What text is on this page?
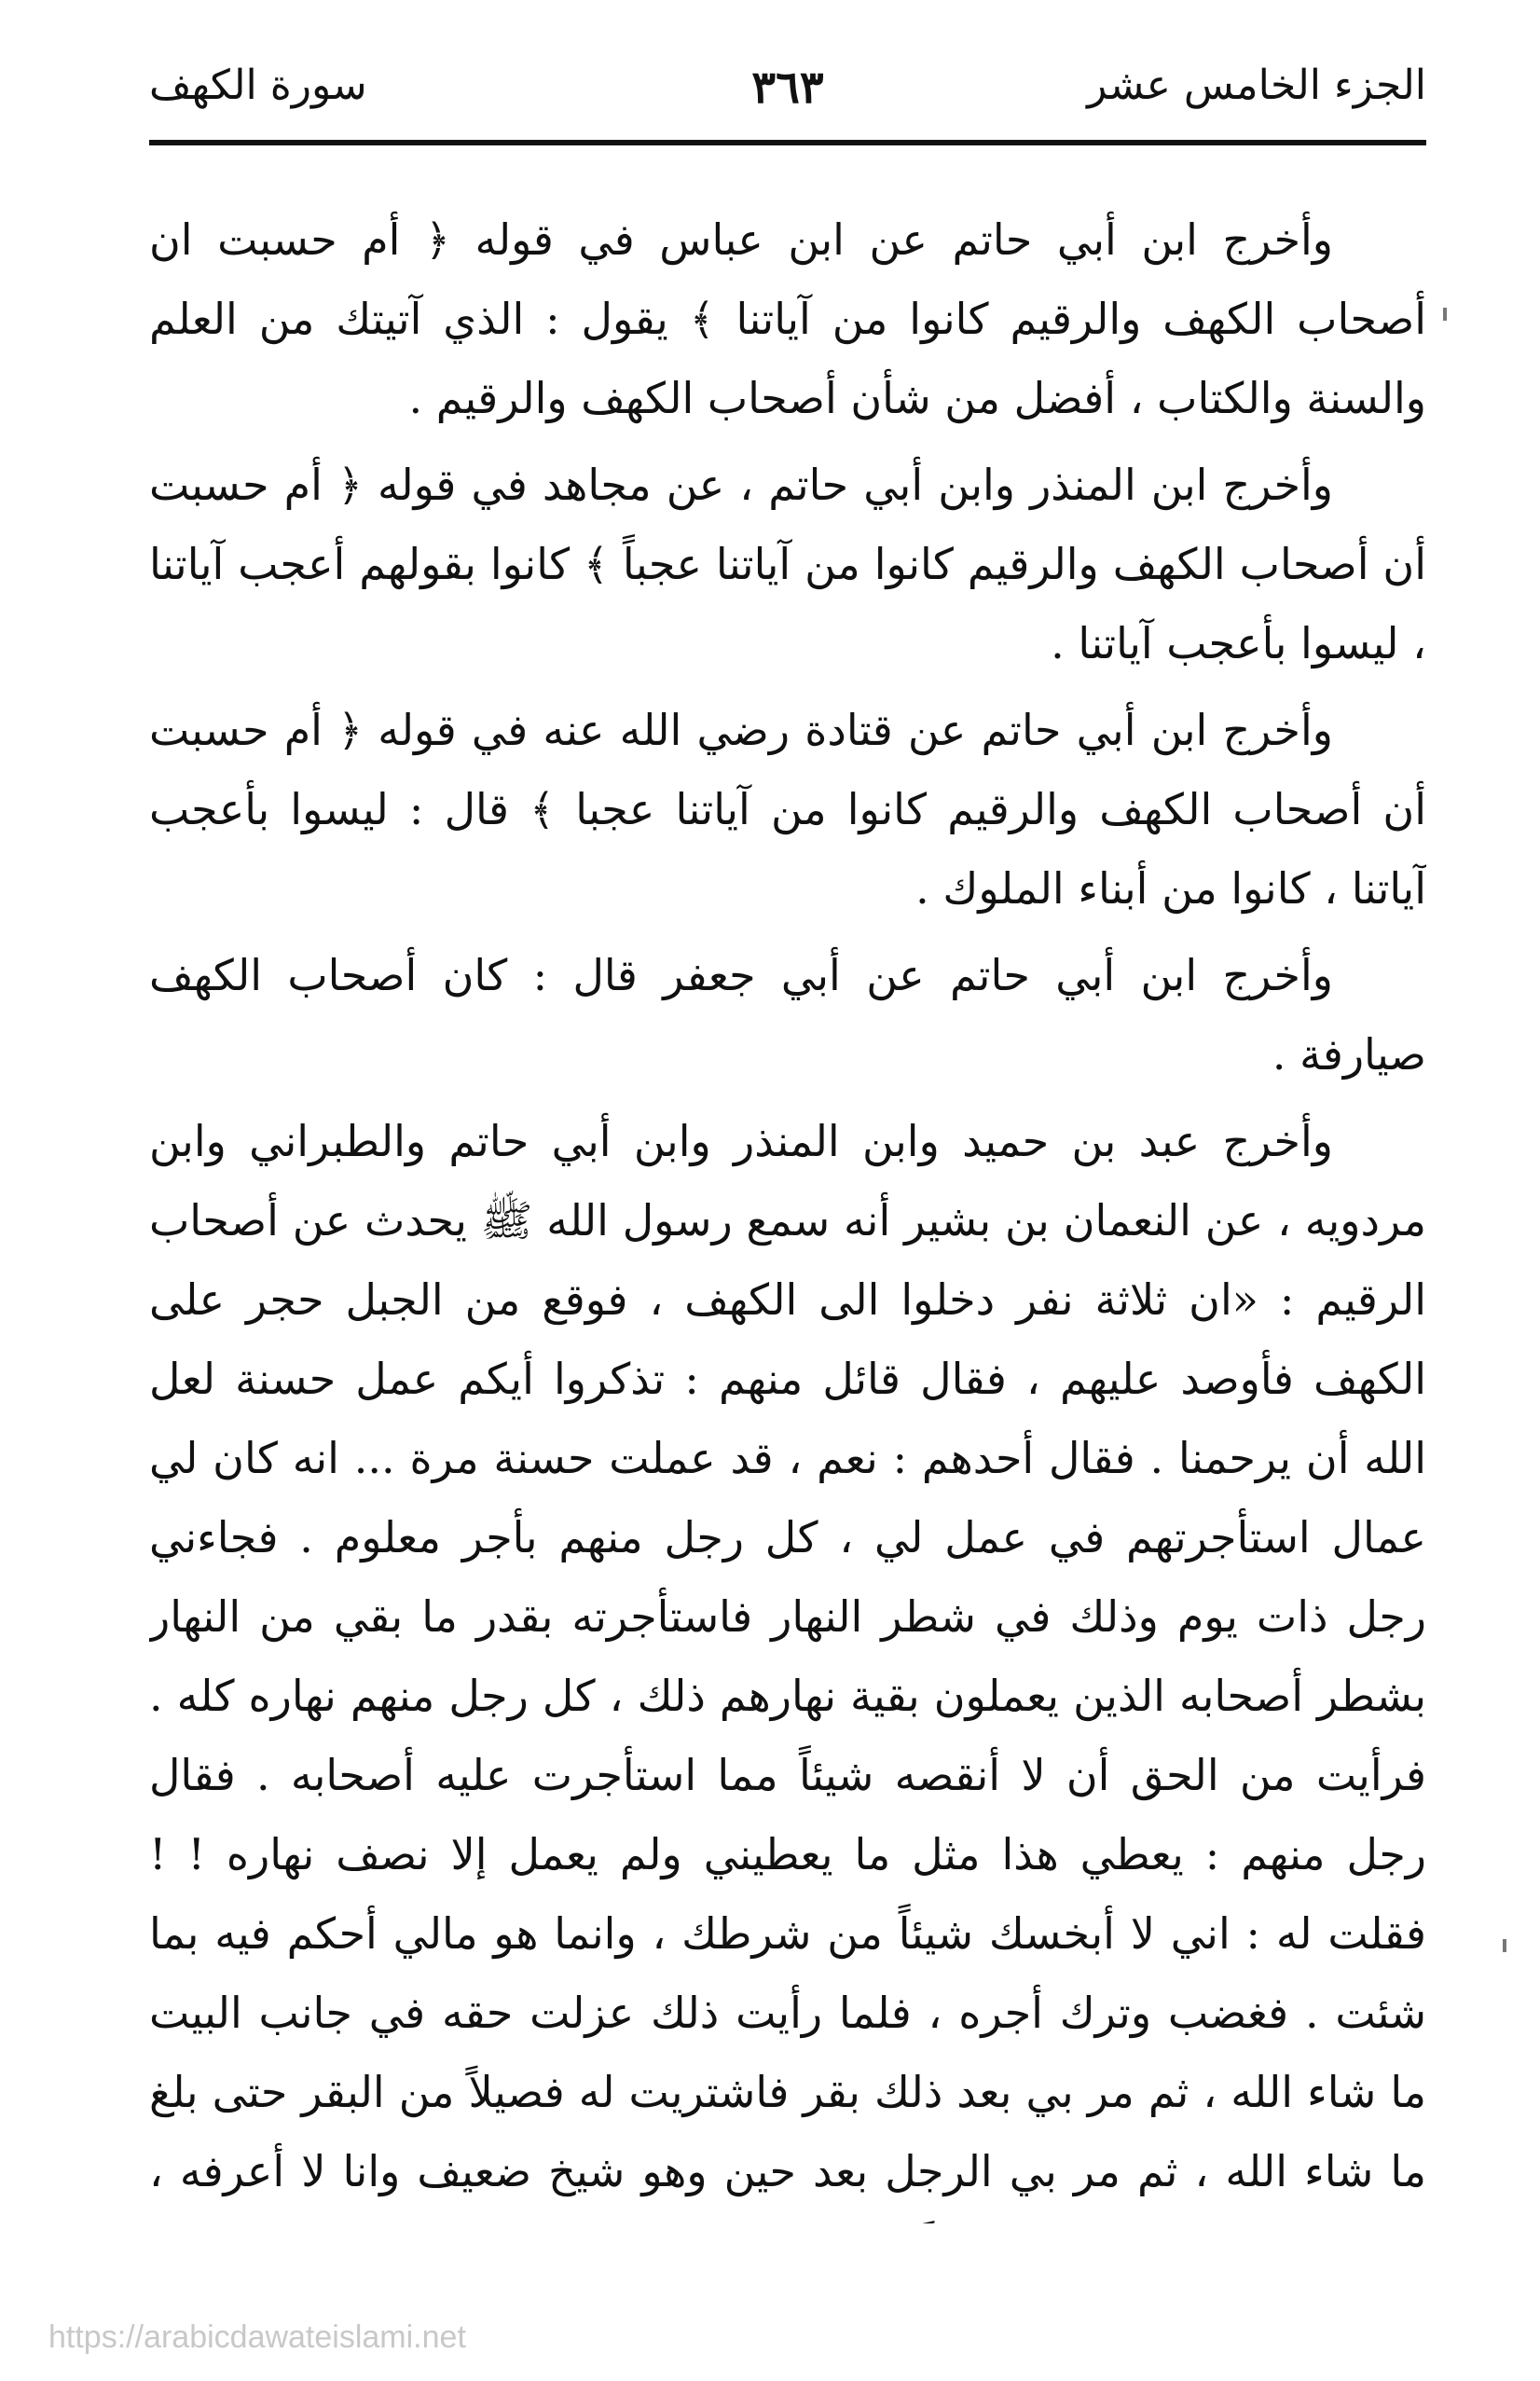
الجزء الخامس عشر
٣٦٣
سورة الكهف

وأخرج ابن أبي حاتم عن ابن عباس في قوله ﴿ أم حسبت ان أصحاب الكهف والرقيم كانوا من آياتنا ﴾ يقول : الذي آتيتك من العلم والسنة والكتاب ، أفضل من شأن أصحاب الكهف والرقيم .

وأخرج ابن المنذر وابن أبي حاتم ، عن مجاهد في قوله ﴿ أم حسبت أن أصحاب الكهف والرقيم كانوا من آياتنا عجباً ﴾ كانوا بقولهم أعجب آياتنا ، ليسوا بأعجب آياتنا .

وأخرج ابن أبي حاتم عن قتادة رضي الله عنه في قوله ﴿ أم حسبت أن أصحاب الكهف والرقيم كانوا من آياتنا عجبا ﴾ قال : ليسوا بأعجب آياتنا ، كانوا من أبناء الملوك .

وأخرج ابن أبي حاتم عن أبي جعفر قال : كان أصحاب الكهف صيارفة .

وأخرج عبد بن حميد وابن المنذر وابن أبي حاتم والطبراني وابن مردويه ، عن النعمان بن بشير أنه سمع رسول الله ﷺ يحدث عن أصحاب الرقيم : «ان ثلاثة نفر دخلوا الى الكهف ، فوقع من الجبل حجر على الكهف فأوصد عليهم ، فقال قائل منهم : تذكروا أيكم عمل حسنة لعل الله أن يرحمنا . فقال أحدهم : نعم ، قد عملت حسنة مرة ... انه كان لي عمال استأجرتهم في عمل لي ، كل رجل منهم بأجر معلوم . فجاءني رجل ذات يوم وذلك في شطر النهار فاستأجرته بقدر ما بقي من النهار بشطر أصحابه الذين يعملون بقية نهارهم ذلك ، كل رجل منهم نهاره كله . فرأيت من الحق أن لا أنقصه شيئاً مما استأجرت عليه أصحابه . فقال رجل منهم : يعطي هذا مثل ما يعطيني ولم يعمل إلا نصف نهاره ! ! فقلت له : اني لا أبخسك شيئاً من شرطك ، وانما هو مالي أحكم فيه بما شئت . فغضب وترك أجره ، فلما رأيت ذلك عزلت حقه في جانب البيت ما شاء الله ، ثم مر بي بعد ذلك بقر فاشتريت له فصيلاً من البقر حتى بلغ ما شاء الله ، ثم مر بي الرجل بعد حين وهو شيخ ضعيف وانا لا أعرفه ،

https://arabicdawateislami.net
